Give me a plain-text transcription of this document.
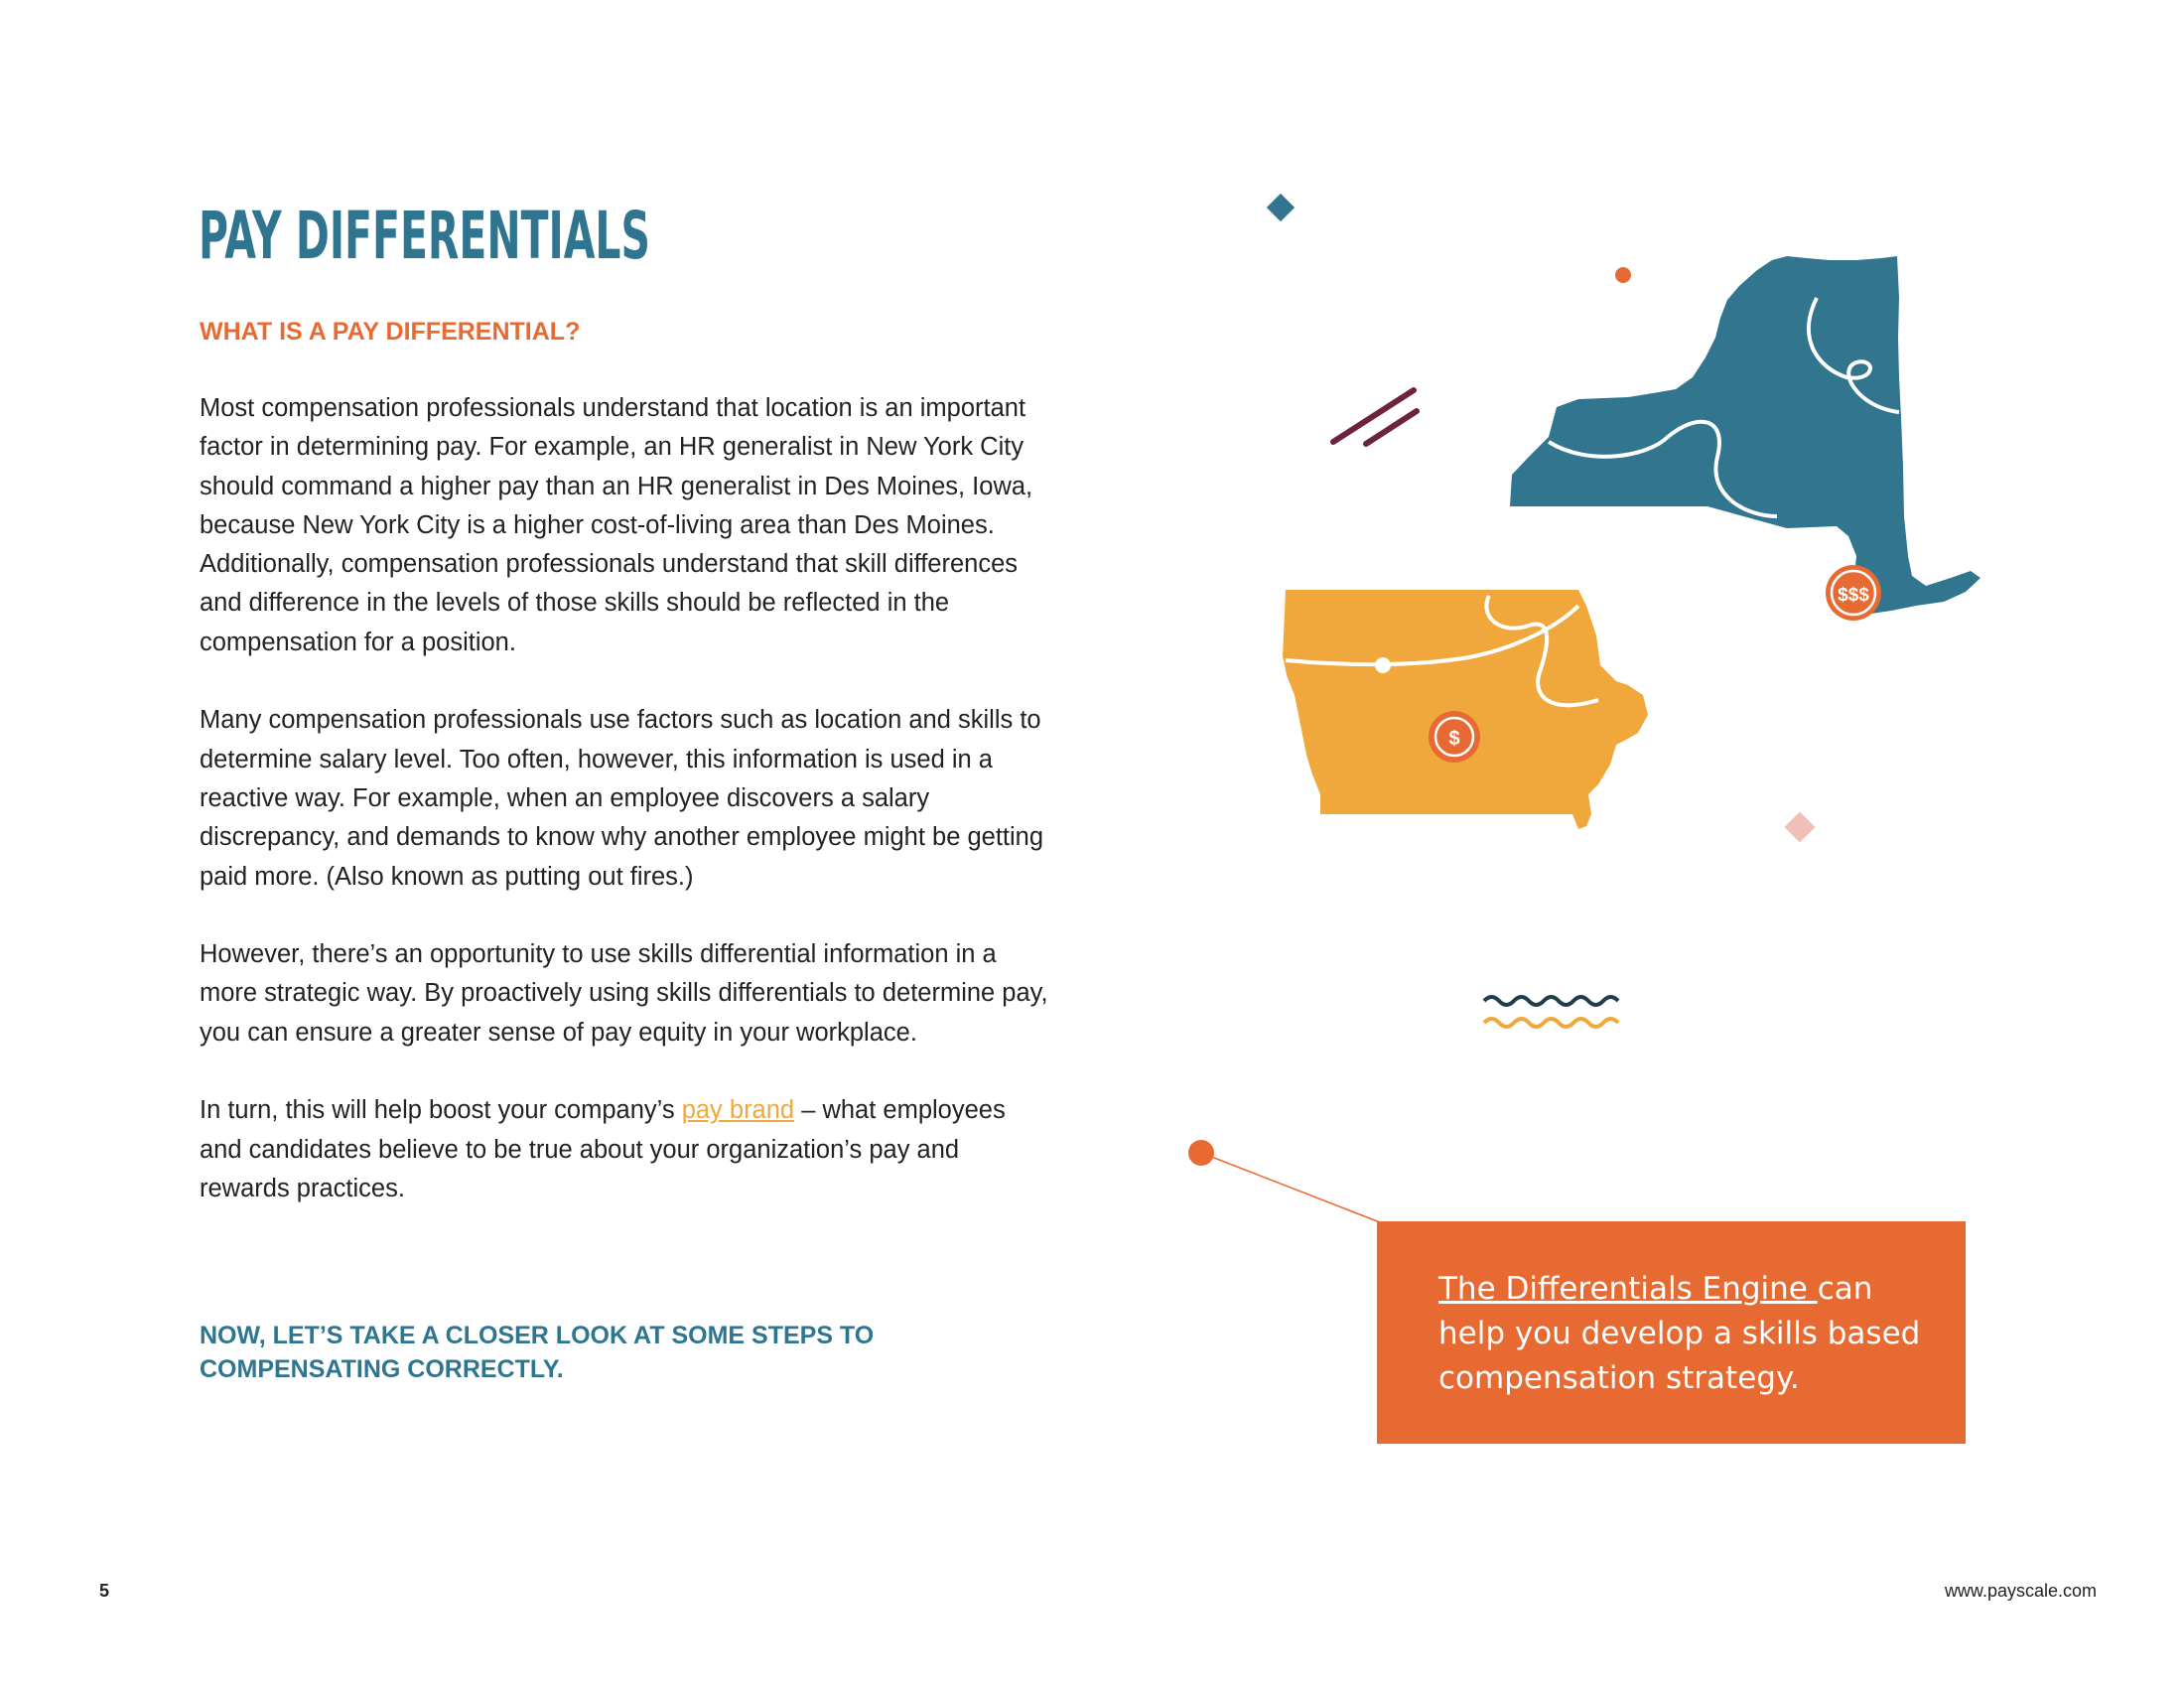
PAY DIFFERENTIALS
WHAT IS A PAY DIFFERENTIAL?

Most compensation professionals understand that location is an important factor in determining pay. For example, an HR generalist in New York City should command a higher pay than an HR generalist in Des Moines, Iowa, because New York City is a higher cost-of-living area than Des Moines. Additionally, compensation professionals understand that skill differences and difference in the levels of those skills should be reflected in the compensation for a position.

Many compensation professionals use factors such as location and skills to determine salary level. Too often, however, this information is used in a reactive way. For example, when an employee discovers a salary discrepancy, and demands to know why another employee might be getting paid more. (Also known as putting out fires.)

However, there’s an opportunity to use skills differential information in a more strategic way. By proactively using skills differentials to determine pay, you can ensure a greater sense of pay equity in your workplace.

In turn, this will help boost your company’s pay brand – what employees and candidates believe to be true about your organization’s pay and rewards practices.

NOW, LET’S TAKE A CLOSER LOOK AT SOME STEPS TO COMPENSATING CORRECTLY.

$$$
$
The Differentials Engine can help you develop a skills based compensation strategy.
5	www.payscale.com
